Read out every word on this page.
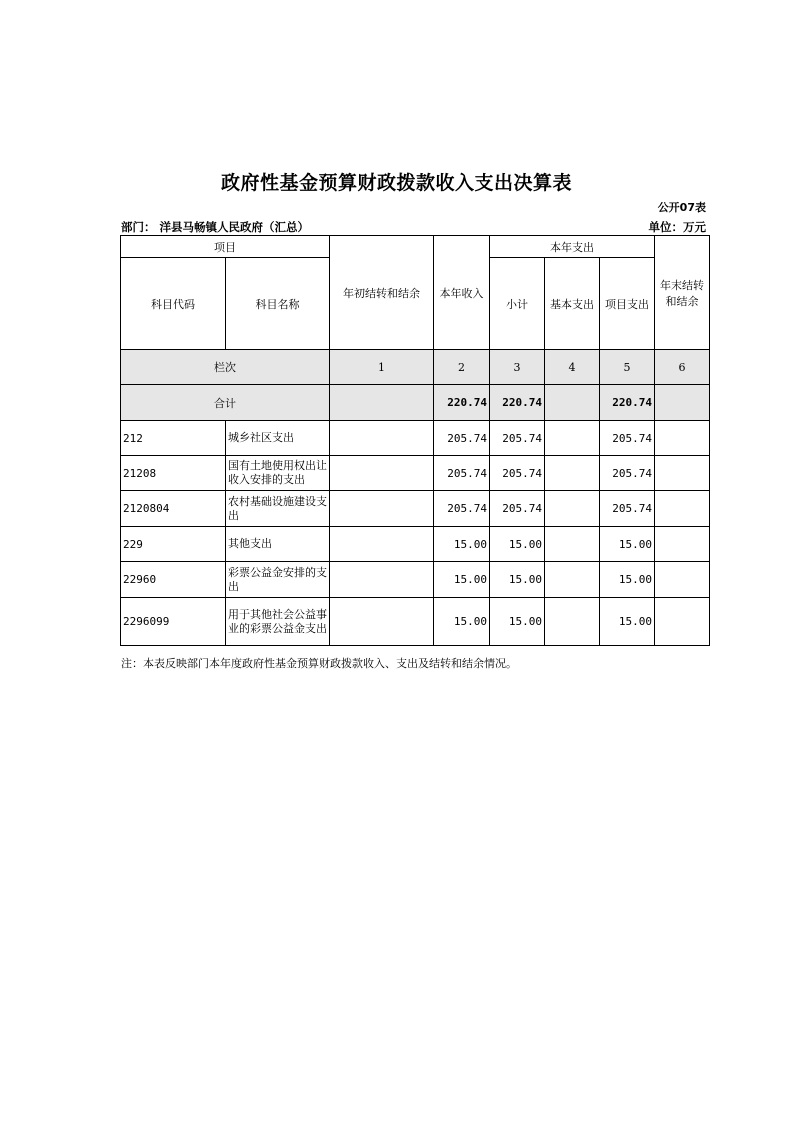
政府性基金预算财政拨款收入支出决算表
公开07表
部门： 洋县马畅镇人民政府（汇总）	单位：万元
项目		年初结转和结余	本年收入	本年支出			年末结转和结余
科目代码	科目名称			小计	基本支出	项目支出	

栏次		1	2	3	4	5	6
合计			220.74	220.74		220.74	
212	城乡社区支出		205.74	205.74		205.74	
21208	国有土地使用权出让收入安排的支出		205.74	205.74		205.74	
2120804	农村基础设施建设支出		205.74	205.74		205.74	
229	其他支出		15.00	15.00		15.00	
22960	彩票公益金安排的支出		15.00	15.00		15.00	
2296099	用于其他社会公益事业的彩票公益金支出		15.00	15.00		15.00	
注：本表反映部门本年度政府性基金预算财政拨款收入、支出及结转和结余情况。
